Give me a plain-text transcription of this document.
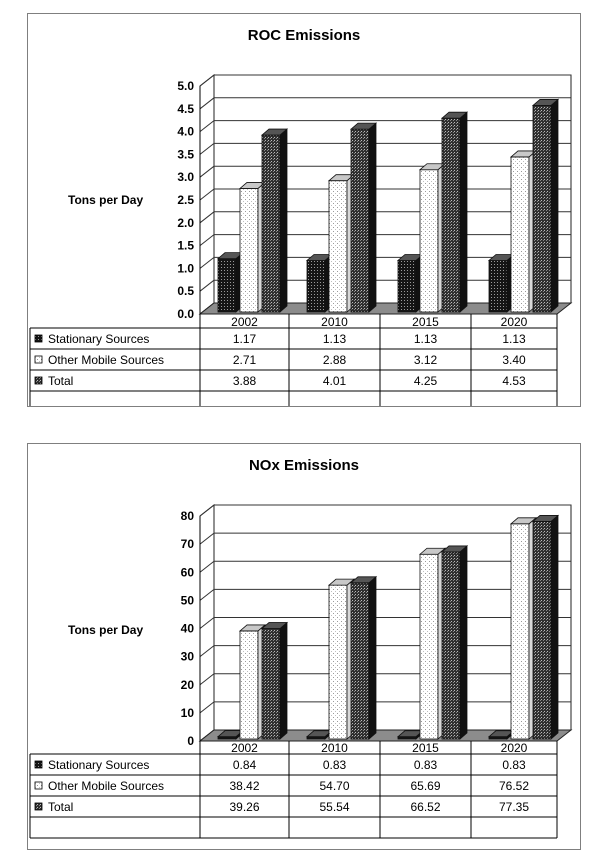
ROC Emissions
0.0
0.5
1.0
1.5
2.0
2.5
3.0
3.5
4.0
4.5
5.0
Tons per Day
2002	2010	2015	2020
Stationary Sources	1.17	1.13	1.13	1.13
Other Mobile Sources	2.71	2.88	3.12	3.40
Total	3.88	4.01	4.25	4.53
NOx Emissions
0
10
20
30
40
50
60
70
80
Tons per Day
2002	2010	2015	2020
Stationary Sources	0.84	0.83	0.83	0.83
Other Mobile Sources	38.42	54.70	65.69	76.52
Total	39.26	55.54	66.52	77.35
